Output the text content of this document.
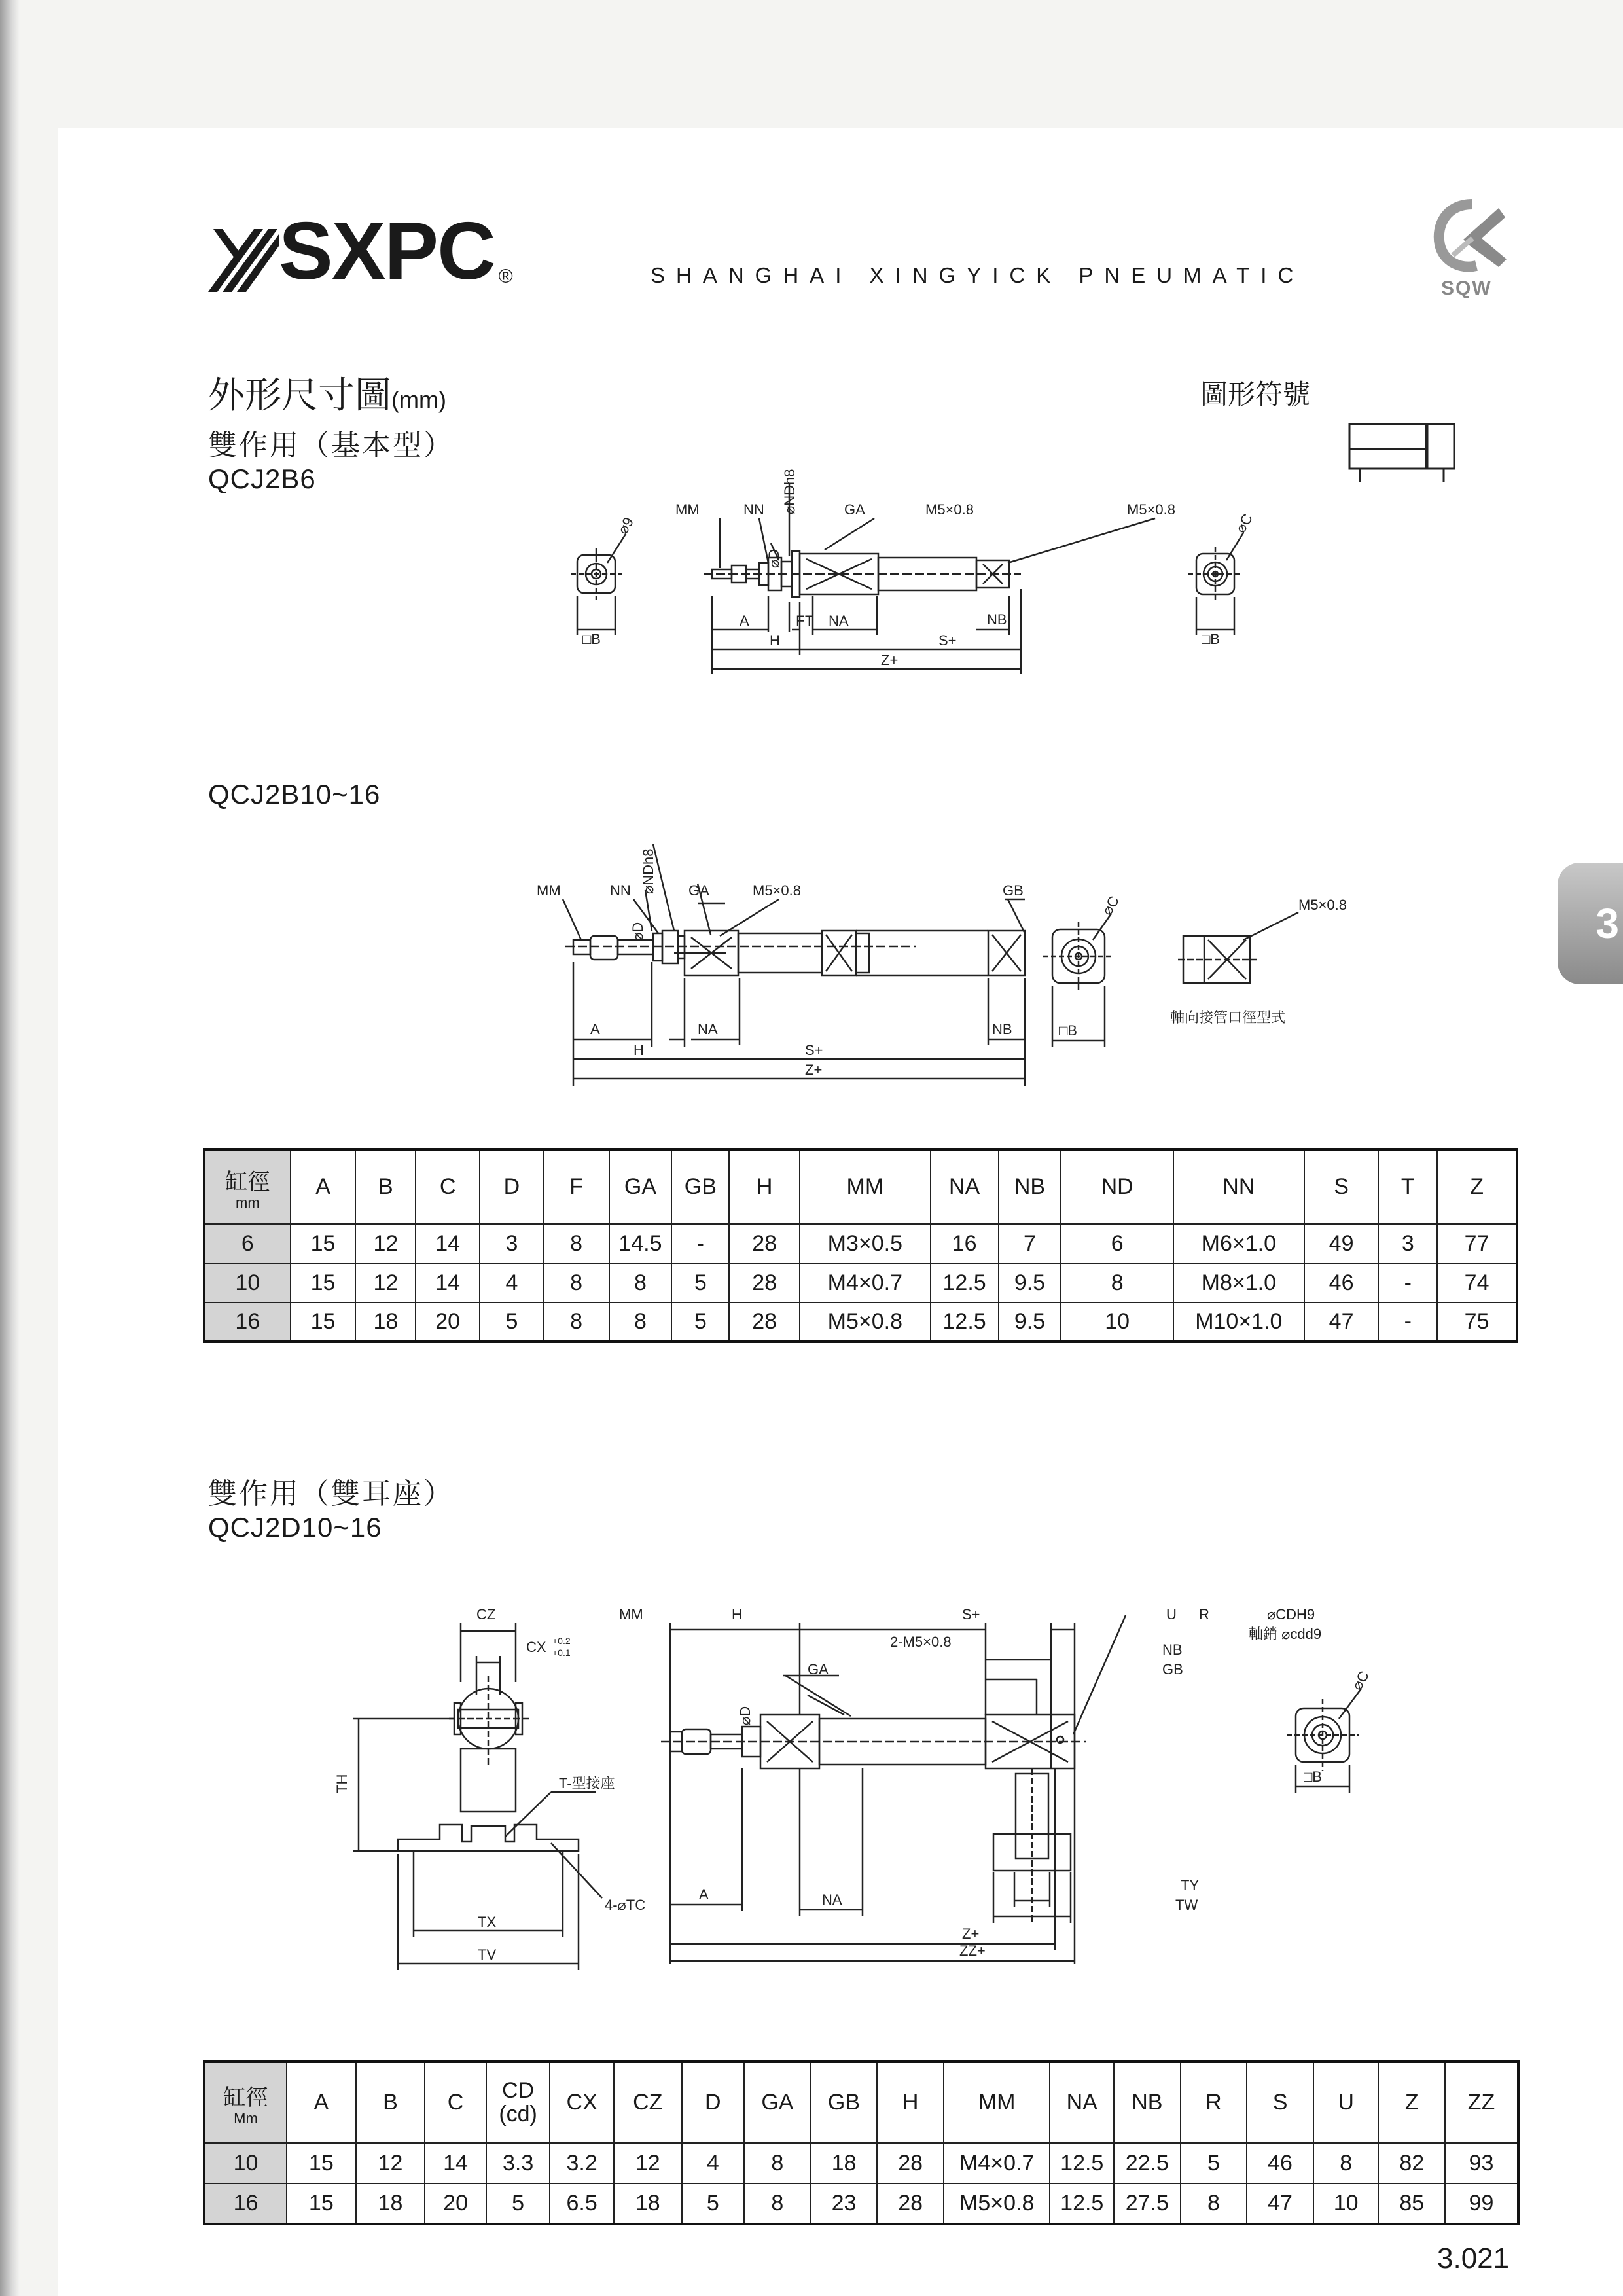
SXPC ®	SHANGHAI XINGYICK PNEUMATIC
SQW
外形尺寸圖(mm)
雙作用（基本型）
QCJ2B6
圖形符號
MM	NN ⌀NDh8	GA	M5×0.8	M5×0.8
⌀9	⌀C
⌀D
A	F NA
T	NB
H	S+
Z+
□B	□B
QCJ2B10~16
MM	NN ⌀NDh8 GA	M5×0.8	GB
M5×0.8
⌀D
⌀C
A
H
NA	NB
S+
Z+
□B
軸向接管口徑型式
缸徑
mm	A	B	C	D	F	GA	GB	H	MM	NA	NB	ND	NN	S	T	Z
6	15	12	14	3	8	14.5	-	28	M3×0.5	16	7	6	M6×1.0	49	3	77
10	15	12	14	4	8	8	5	28	M4×0.7	12.5	9.5	8	M8×1.0	46	-	74
16	15	18	20	5	8	8	5	28	M5×0.8	12.5	9.5	10	M10×1.0	47	-	75
雙作用（雙耳座）
QCJ2D10~16
CZ
CX +0.2
+0.1
TH	T-型接座
4-⌀TC
TX
TV
MM	H	S+	U R	⌀CDH9
軸銷 ⌀cdd9
2-M5×0.8	NB
GB
GA
⌀D
⌀C
□B
A	NA
TY
TW
Z+
ZZ+
缸徑
Mm	A	B	C	CD
(cd)	CX	CZ	D	GA	GB	H	MM	NA	NB	R	S	U	Z	ZZ
10	15	12	14	3.3	3.2	12	4	8	18	28	M4×0.7	12.5	22.5	5	46	8	82	93
16	15	18	20	5	6.5	18	5	8	23	28	M5×0.8	12.5	27.5	8	47	10	85	99
3
3.021
